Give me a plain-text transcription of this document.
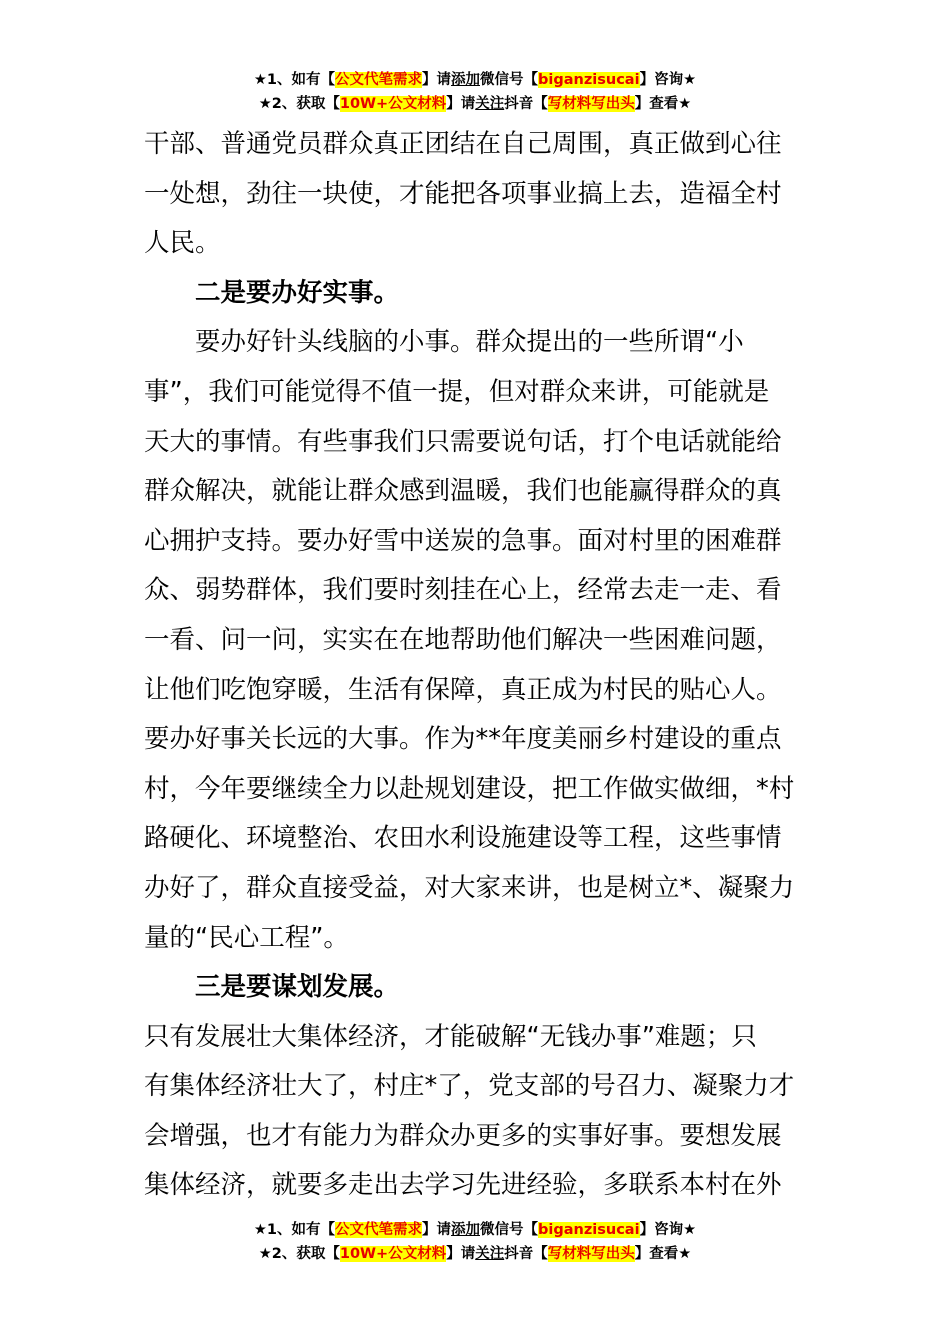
★1、如有【公文代笔需求】请添加微信号【biganzisucai】咨询★
★2、获取【10W+公文材料】请关注抖音【写材料写出头】查看★
干部、普通党员群众真正团结在自己周围，真正做到心往
一处想，劲往一块使，才能把各项事业搞上去，造福全村
人民。
二是要办好实事。
要办好针头线脑的小事。群众提出的一些所谓“小
事”，我们可能觉得不值一提，但对群众来讲，可能就是
天大的事情。有些事我们只需要说句话，打个电话就能给
群众解决，就能让群众感到温暖，我们也能赢得群众的真
心拥护支持。要办好雪中送炭的急事。面对村里的困难群
众、弱势群体，我们要时刻挂在心上，经常去走一走、看
一看、问一问，实实在在地帮助他们解决一些困难问题，
让他们吃饱穿暖，生活有保障，真正成为村民的贴心人。
要办好事关长远的大事。作为**年度美丽乡村建设的重点
村，今年要继续全力以赴规划建设，把工作做实做细，*村
路硬化、环境整治、农田水利设施建设等工程，这些事情
办好了，群众直接受益，对大家来讲，也是树立*、凝聚力
量的“民心工程”。
三是要谋划发展。
只有发展壮大集体经济，才能破解“无钱办事”难题；只
有集体经济壮大了，村庄*了，党支部的号召力、凝聚力才
会增强，也才有能力为群众办更多的实事好事。要想发展
集体经济，就要多走出去学习先进经验，多联系本村在外
★1、如有【公文代笔需求】请添加微信号【biganzisucai】咨询★
★2、获取【10W+公文材料】请关注抖音【写材料写出头】查看★
